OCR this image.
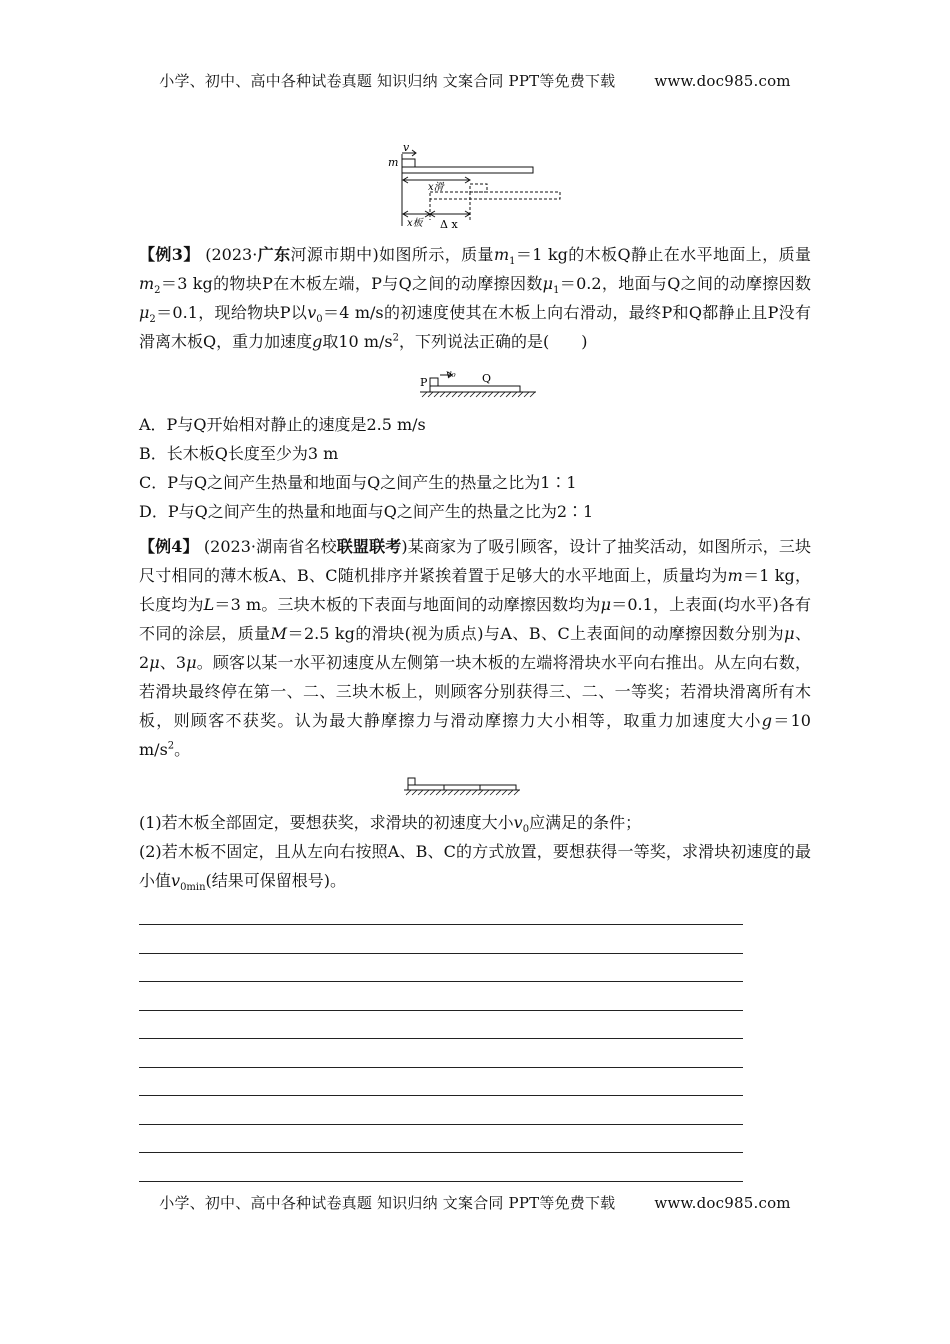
小学、初中、高中各种试卷真题 知识归纳 文案合同 PPT等免费下载	www.doc985.com
v
m
x滑
x板 Δ x

【例3】 (2023·广东河源市期中)如图所示，质量$m_1=1$ kg的木板Q静止在水平地面上，质量$m_2=3$ kg的物块P在木板左端，P与Q之间的动摩擦因数$\mu_1=0.2$，地面与Q之间的动摩擦因数$\mu_2=0.1$，现给物块P以$v_0=4$ m/s的初速度使其在木板上向右滑动，最终P和Q都静止且P没有滑离木板Q，重力加速度g取10 $m/s^2$，下列说法正确的是(　　)

P
v₀ Q

A．P与Q开始相对静止的速度是2.5 m/s

B．长木板Q长度至少为3 m

C．P与Q之间产生热量和地面与Q之间产生的热量之比为1∶1

D．P与Q之间产生的热量和地面与Q之间产生的热量之比为2∶1

【例4】 (2023·湖南省名校联盟联考)某商家为了吸引顾客，设计了抽奖活动，如图所示，三块尺寸相同的薄木板A、B、C随机排序并紧挨着置于足够大的水平地面上，质量均为m＝1 kg，长度均为L＝3 m。三块木板的下表面与地面间的动摩擦因数均为μ＝0.1，上表面(均水平)各有不同的涂层，质量M＝2.5 kg的滑块(视为质点)与A、B、C上表面间的动摩擦因数分别为μ、2μ、3μ。顾客以某一水平初速度从左侧第一块木板的左端将滑块水平向右推出。从左向右数，若滑块最终停在第一、二、三块木板上，则顾客分别获得三、二、一等奖；若滑块滑离所有木板，则顾客不获奖。认为最大静摩擦力与滑动摩擦力大小相等，取重力加速度大小g＝10 $m/s^2$。

(1)若木板全部固定，要想获奖，求滑块的初速度大小$v_0$应满足的条件；

(2)若木板不固定，且从左向右按照A、B、C的方式放置，要想获得一等奖，求滑块初速度的最小值$v_{0min}$(结果可保留根号)。

小学、初中、高中各种试卷真题 知识归纳 文案合同 PPT等免费下载	www.doc985.com
